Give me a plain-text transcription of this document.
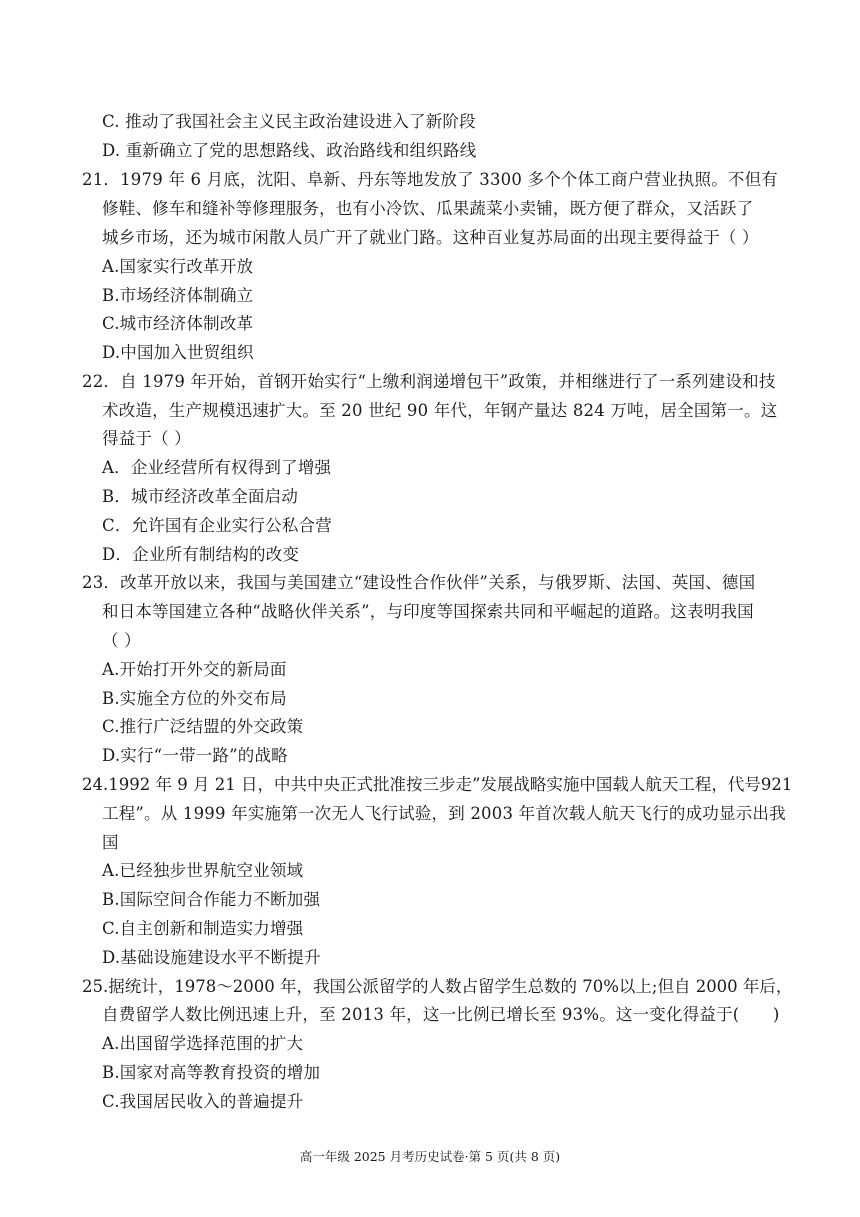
C. 推动了我国社会主义民主政治建设进入了新阶段
D. 重新确立了党的思想路线、政治路线和组织路线
21．1979 年 6 月底，沈阳、阜新、丹东等地发放了 3300 多个个体工商户营业执照。不但有
修鞋、修车和缝补等修理服务，也有小冷饮、瓜果蔬菜小卖铺，既方便了群众，又活跃了
城乡市场，还为城市闲散人员广开了就业门路。这种百业复苏局面的出现主要得益于（ ）
A.国家实行改革开放
B.市场经济体制确立
C.城市经济体制改革
D.中国加入世贸组织
22．自 1979 年开始，首钢开始实行“上缴利润递增包干”政策，并相继进行了一系列建设和技
术改造，生产规模迅速扩大。至 20 世纪 90 年代，年钢产量达 824 万吨，居全国第一。这
得益于（ ）
A．企业经营所有权得到了增强
B．城市经济改革全面启动
C．允许国有企业实行公私合营
D．企业所有制结构的改变
23．改革开放以来，我国与美国建立“建设性合作伙伴”关系，与俄罗斯、法国、英国、德国
和日本等国建立各种“战略伙伴关系”，与印度等国探索共同和平崛起的道路。这表明我国
（ ）
A.开始打开外交的新局面
B.实施全方位的外交布局
C.推行广泛结盟的外交政策
D.实行“一带一路”的战略
24.1992 年 9 月 21 日，中共中央正式批准按三步走”发展战略实施中国载人航天工程，代号921
工程”。从 1999 年实施第一次无人飞行试验，到 2003 年首次载人航天飞行的成功显示出我
国
A.已经独步世界航空业领域
B.国际空间合作能力不断加强
C.自主创新和制造实力增强
D.基础设施建设水平不断提升
25.据统计，1978～2000 年，我国公派留学的人数占留学生总数的 70%以上;但自 2000 年后，
自费留学人数比例迅速上升，至 2013 年，这一比例已增长至 93%。这一变化得益于(　　)
A.出国留学选择范围的扩大
B.国家对高等教育投资的增加
C.我国居民收入的普遍提升
高一年级 2025 月考历史试卷·第 5 页(共 8 页)
